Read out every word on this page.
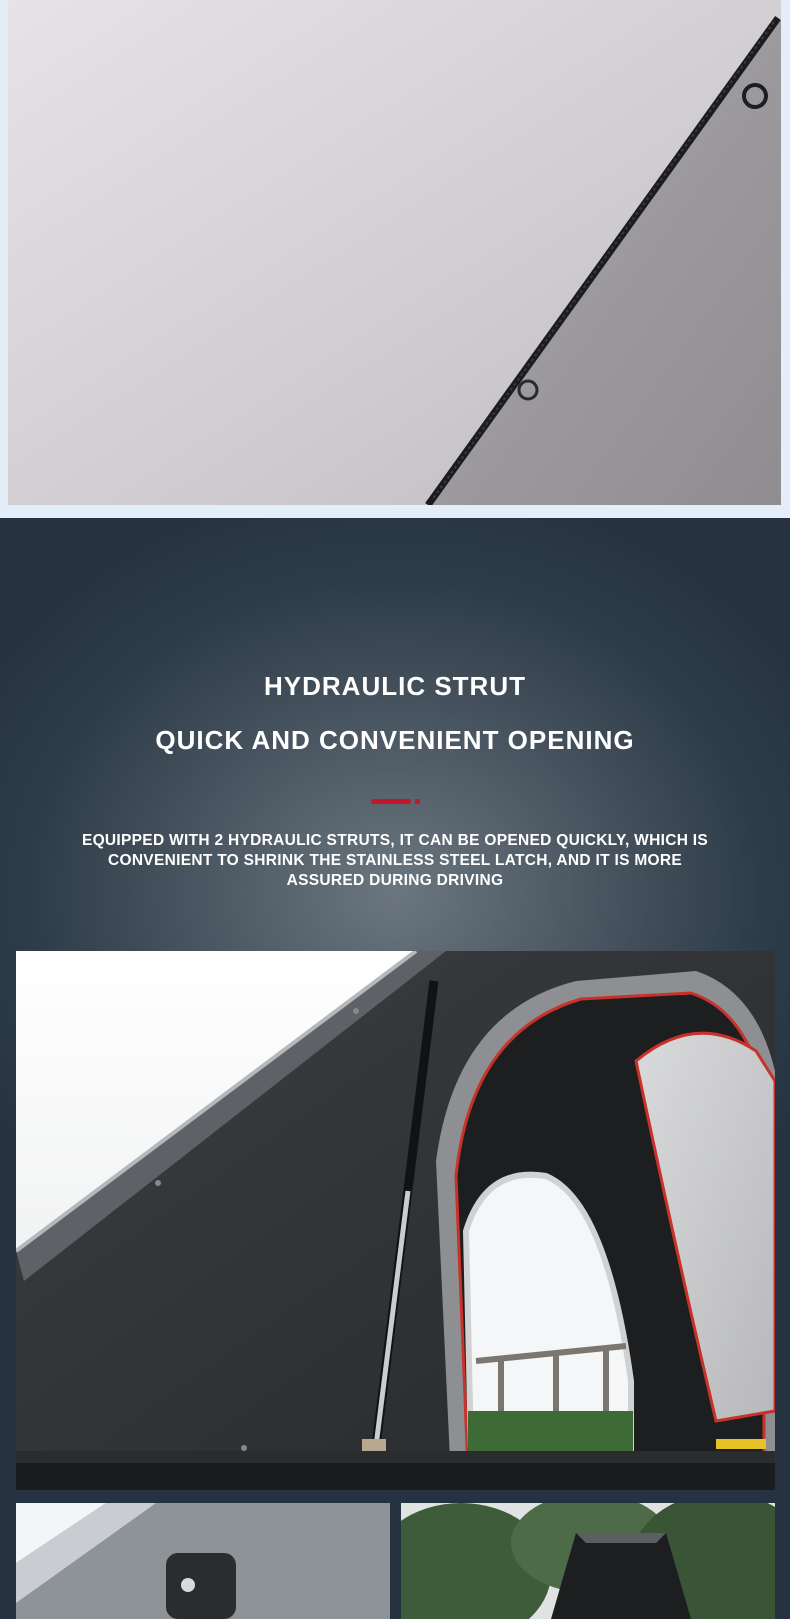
HYDRAULIC STRUT
QUICK AND CONVENIENT OPENING
EQUIPPED WITH 2 HYDRAULIC STRUTS, IT CAN BE OPENED QUICKLY, WHICH IS CONVENIENT TO SHRINK THE STAINLESS STEEL LATCH, AND IT IS MORE ASSURED DURING DRIVING
